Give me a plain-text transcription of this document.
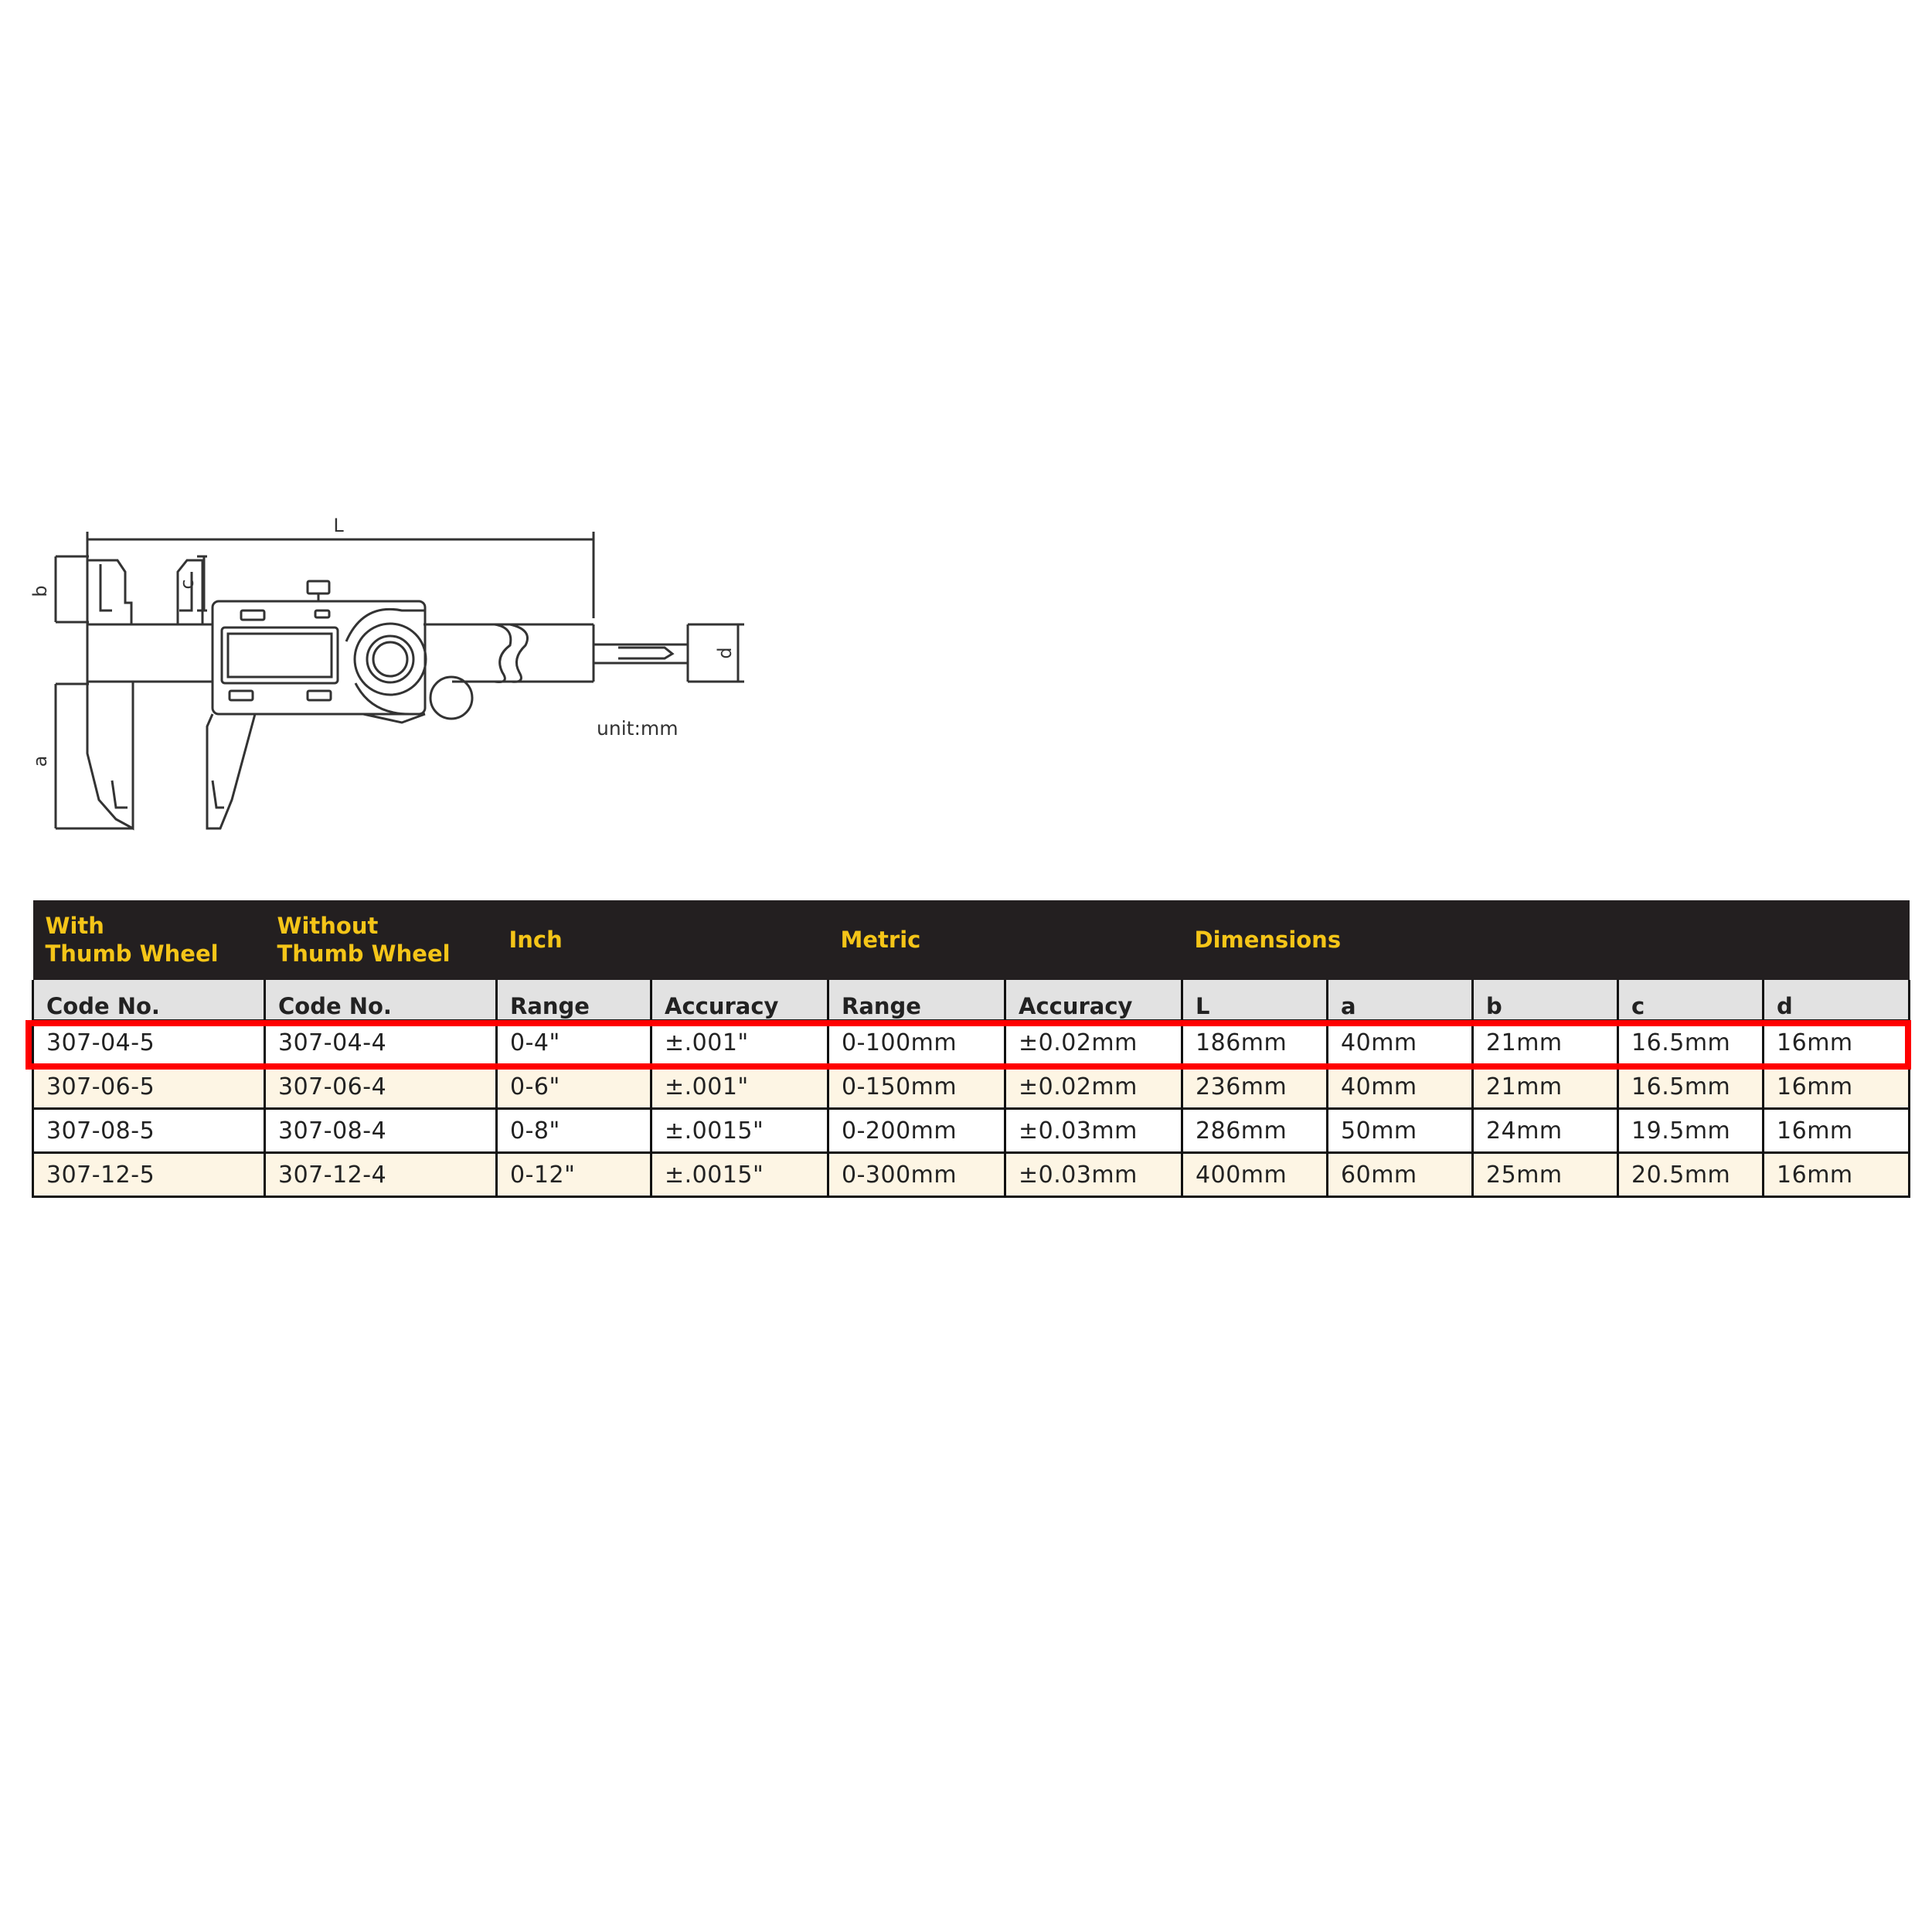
L
a
b
c
d
unit:mm
With
Thumb Wheel	Without
Thumb Wheel	Inch		Metric		Dimensions				
Code No.	Code No.	Range	Accuracy	Range	Accuracy	L	a	b	c	d
307-04-5	307-04-4	0-4"	±.001"	0-100mm	±0.02mm	186mm	40mm	21mm	16.5mm	16mm
307-06-5	307-06-4	0-6"	±.001"	0-150mm	±0.02mm	236mm	40mm	21mm	16.5mm	16mm
307-08-5	307-08-4	0-8"	±.0015"	0-200mm	±0.03mm	286mm	50mm	24mm	19.5mm	16mm
307-12-5	307-12-4	0-12"	±.0015"	0-300mm	±0.03mm	400mm	60mm	25mm	20.5mm	16mm
